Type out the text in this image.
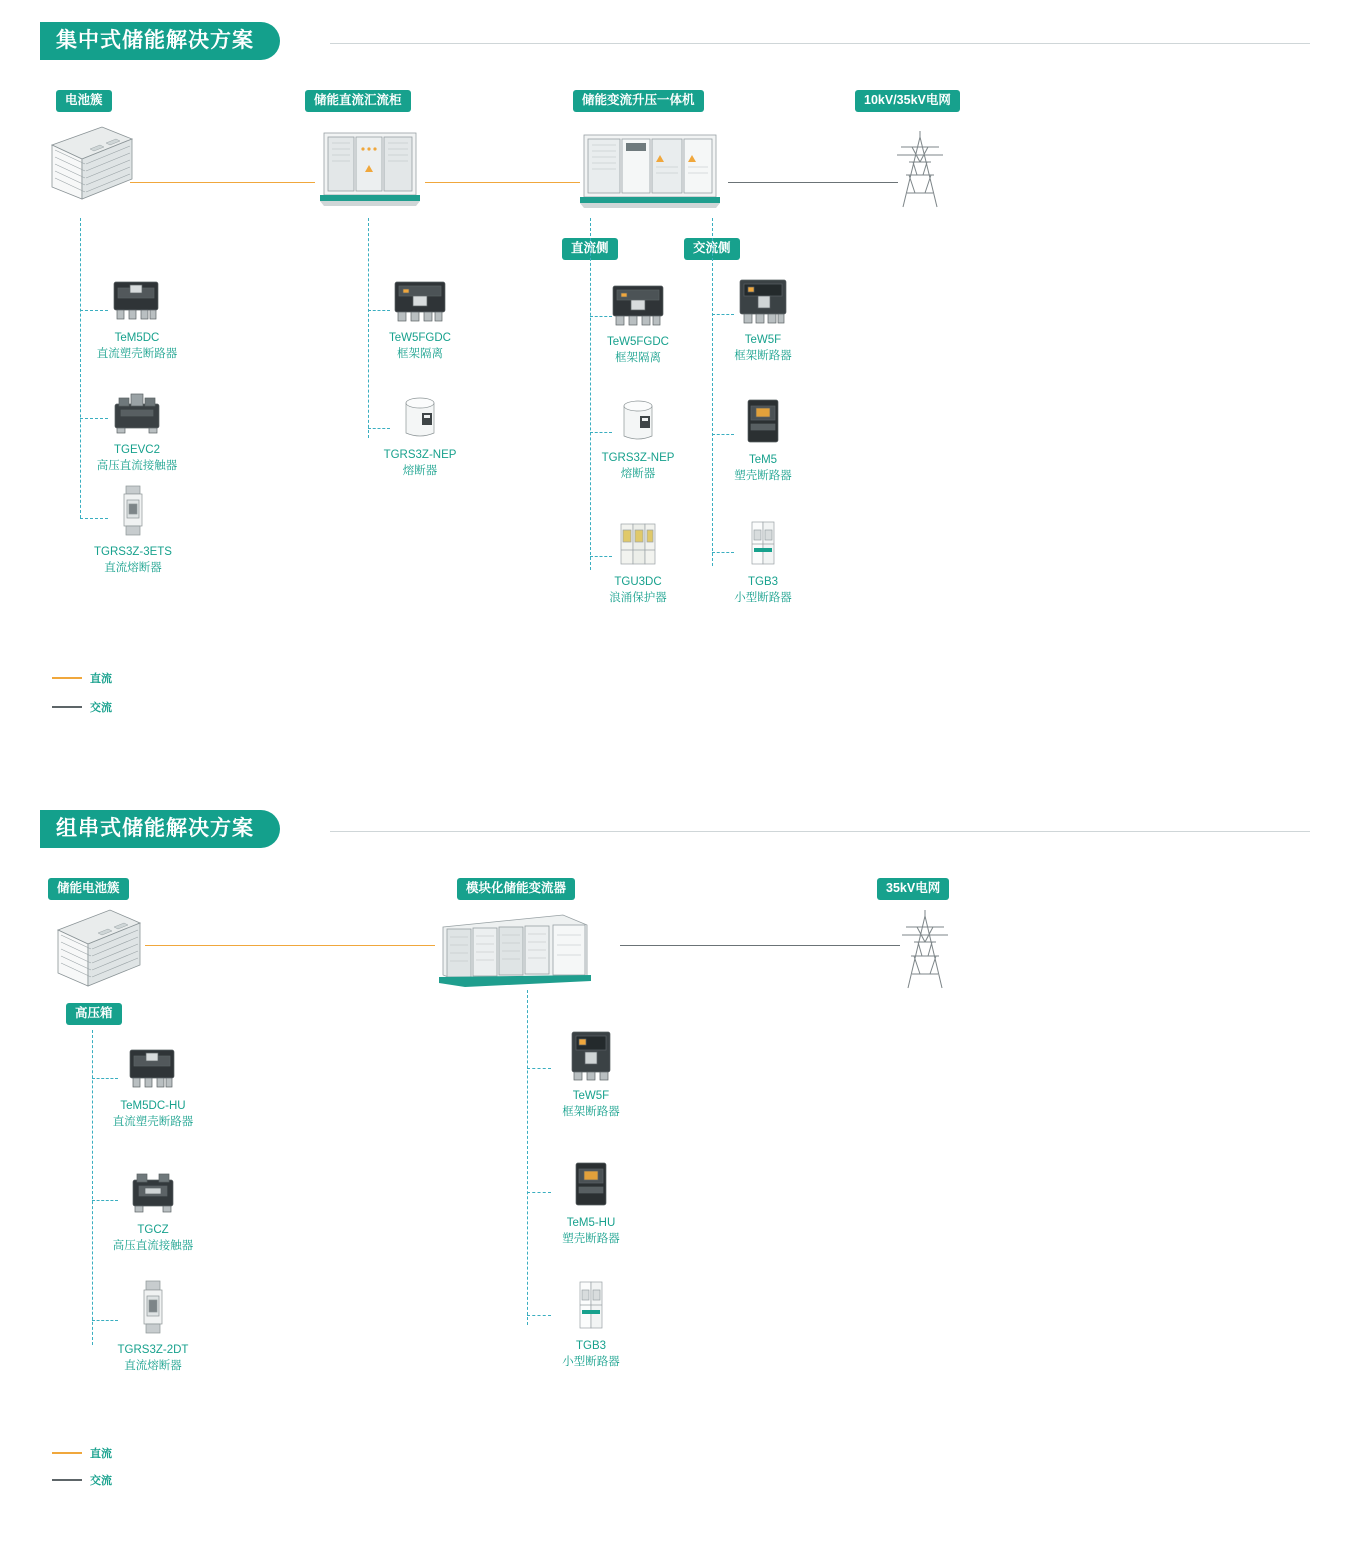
集中式储能解决方案
电池簇	储能直流汇流柜	储能变流升压一体机	10kV/35kV电网
直流侧	交流侧
TeM5DC
直流塑壳断路器
TGEVC2
高压直流接触器
TGRS3Z-3ETS
直流熔断器
TeW5FGDC
框架隔离
TGRS3Z-NEP
熔断器
TeW5FGDC
框架隔离
TGRS3Z-NEP
熔断器
TGU3DC
浪涌保护器
TeW5F
框架断路器
TeM5
塑壳断路器
TGB3
小型断路器
直流
交流
组串式储能解决方案
储能电池簇	模块化储能变流器	35kV电网
高压箱
TeM5DC-HU
直流塑壳断路器
TGCZ
高压直流接触器
TGRS3Z-2DT
直流熔断器
TeW5F
框架断路器
TeM5-HU
塑壳断路器
TGB3
小型断路器
直流
交流
